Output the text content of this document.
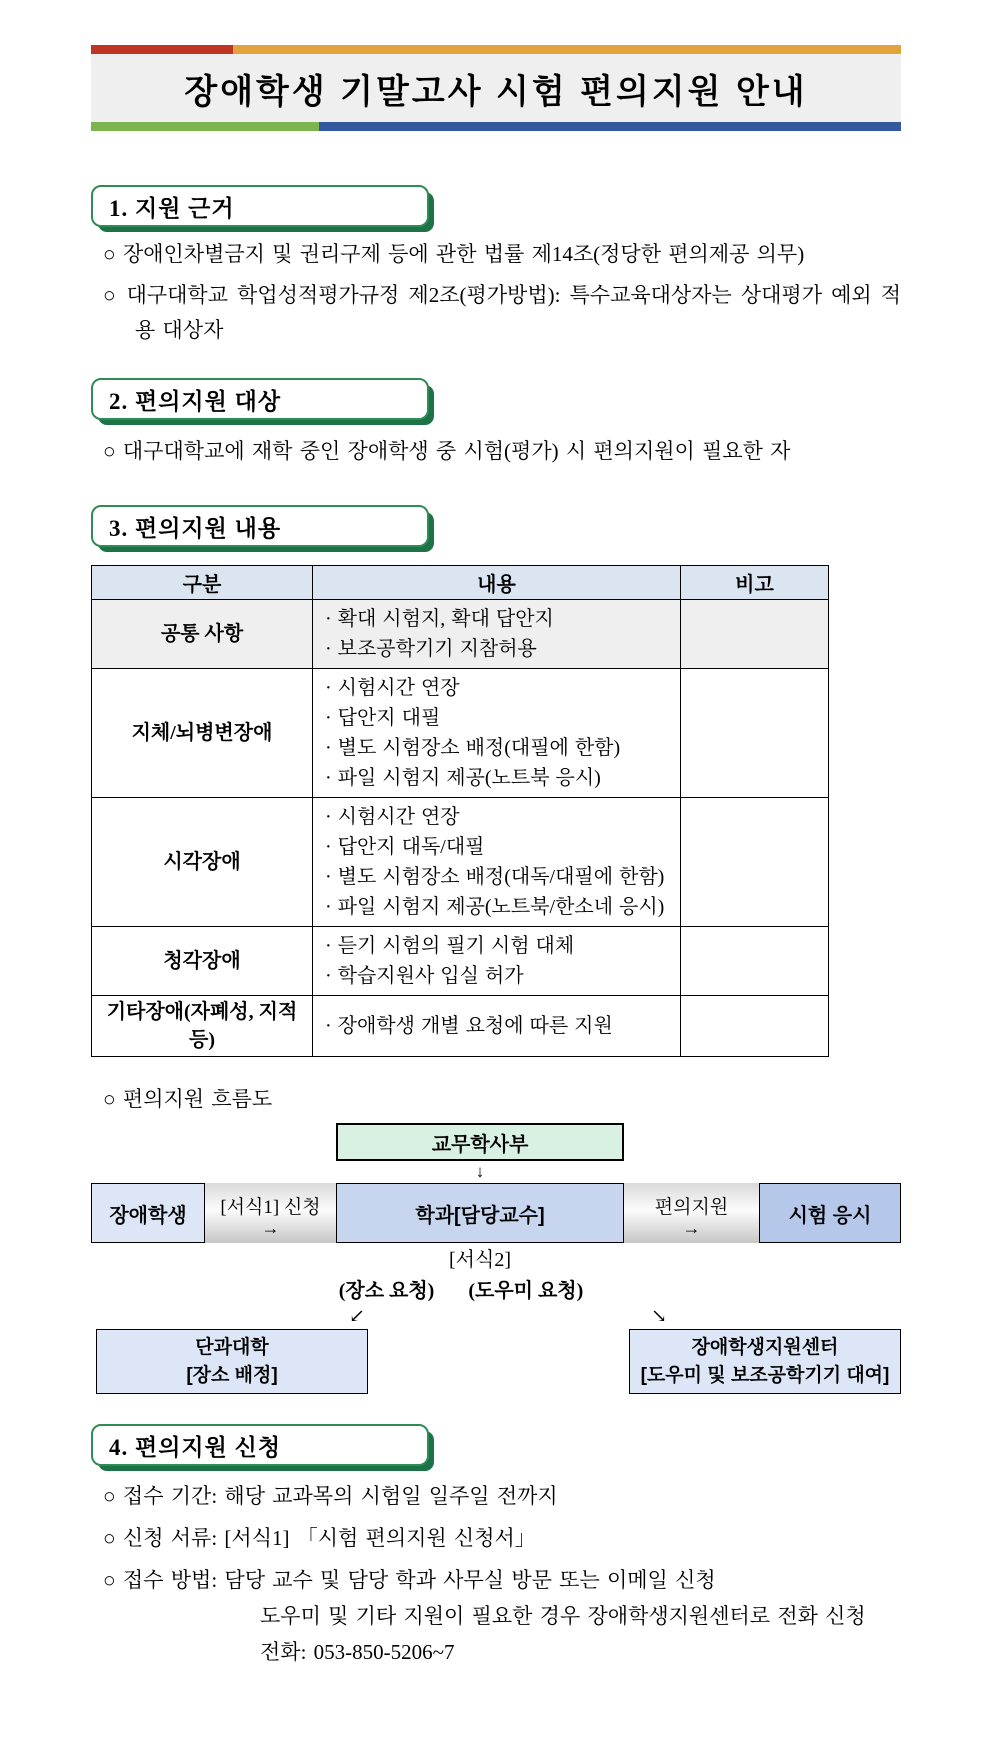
장애학생 기말고사 시험 편의지원 안내
1. 지원 근거
○ 장애인차별금지 및 권리구제 등에 관한 법률 제14조(정당한 편의제공 의무)
○ 대구대학교 학업성적평가규정 제2조(평가방법): 특수교육대상자는 상대평가 예외 적용 대상자
2. 편의지원 대상
○ 대구대학교에 재학 중인 장애학생 중 시험(평가) 시 편의지원이 필요한 자
3. 편의지원 내용
구분	내용	비고
공통 사항	· 확대 시험지, 확대 답안지
· 보조공학기기 지참허용	

지체/뇌병변장애	· 시험시간 연장
· 답안지 대필
· 별도 시험장소 배정(대필에 한함)
· 파일 시험지 제공(노트북 응시)	

시각장애	· 시험시간 연장
· 답안지 대독/대필
· 별도 시험장소 배정(대독/대필에 한함)
· 파일 시험지 제공(노트북/한소네 응시)	

청각장애	· 듣기 시험의 필기 시험 대체
· 학습지원사 입실 허가	

기타장애(자폐성, 지적 등)	· 장애학생 개별 요청에 따른 지원	

○ 편의지원 흐름도
교무학사부
↓
장애학생	[서식1] 신청
→
학과[담당교수]	편의지원
→
시험 응시
[서식2]
(장소 요청) (도우미 요청)
↙	↘
단과대학
[장소 배정]
장애학생지원센터
[도우미 및 보조공학기기 대여]
4. 편의지원 신청
○ 접수 기간: 해당 교과목의 시험일 일주일 전까지
○ 신청 서류: [서식1] 「시험 편의지원 신청서」
○ 접수 방법: 담당 교수 및 담당 학과 사무실 방문 또는 이메일 신청
도우미 및 기타 지원이 필요한 경우 장애학생지원센터로 전화 신청
전화: 053-850-5206~7
